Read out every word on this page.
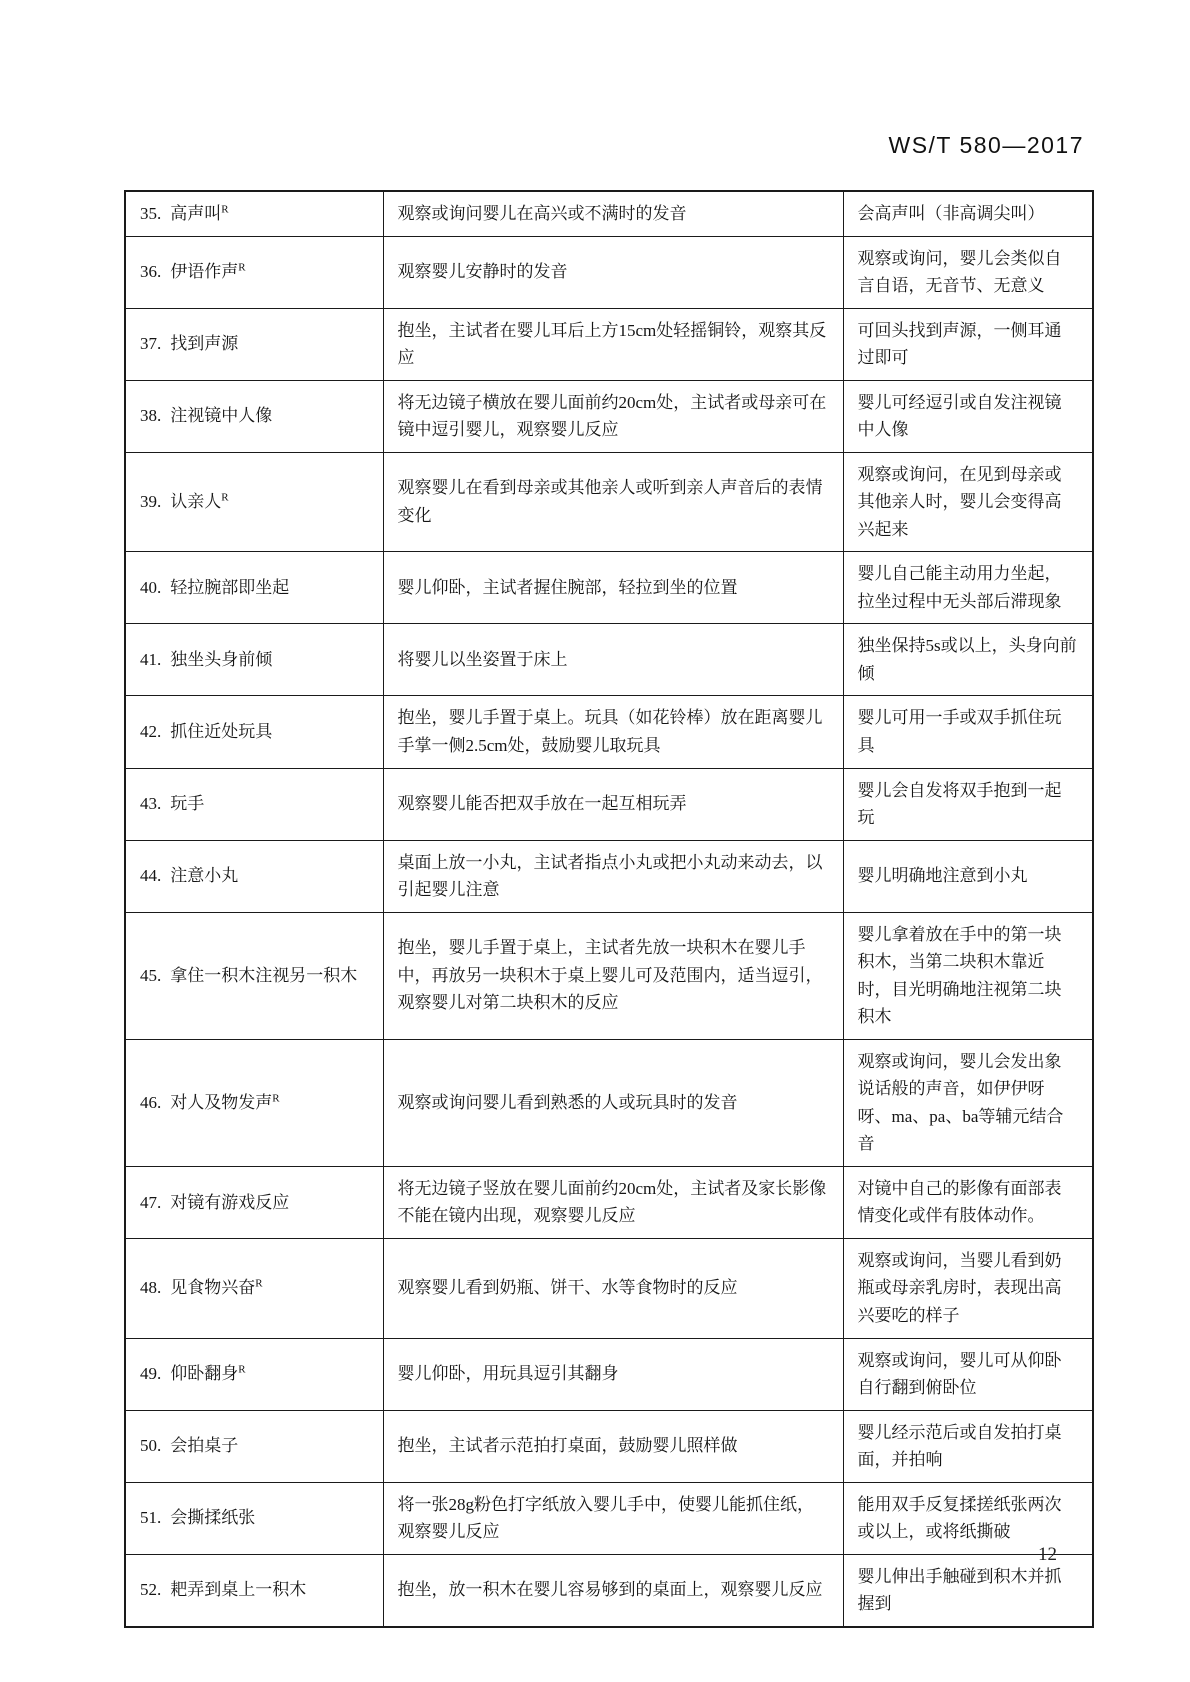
WS/T 580—2017
35. 高声叫$^R$	观察或询问婴儿在高兴或不满时的发音	会高声叫（非高调尖叫）
36. 伊语作声$^R$	观察婴儿安静时的发音	观察或询问，婴儿会类似自言自语，无音节、无意义
37. 找到声源	抱坐，主试者在婴儿耳后上方15cm处轻摇铜铃，观察其反应	可回头找到声源，一侧耳通过即可
38. 注视镜中人像	将无边镜子横放在婴儿面前约20cm处，主试者或母亲可在镜中逗引婴儿，观察婴儿反应	婴儿可经逗引或自发注视镜中人像
39. 认亲人$^R$	观察婴儿在看到母亲或其他亲人或听到亲人声音后的表情变化	观察或询问，在见到母亲或其他亲人时，婴儿会变得高兴起来
40. 轻拉腕部即坐起	婴儿仰卧，主试者握住腕部，轻拉到坐的位置	婴儿自己能主动用力坐起，拉坐过程中无头部后滞现象
41. 独坐头身前倾	将婴儿以坐姿置于床上	独坐保持5s或以上，头身向前倾
42. 抓住近处玩具	抱坐，婴儿手置于桌上。玩具（如花铃棒）放在距离婴儿手掌一侧2.5cm处，鼓励婴儿取玩具	婴儿可用一手或双手抓住玩具
43. 玩手	观察婴儿能否把双手放在一起互相玩弄	婴儿会自发将双手抱到一起玩
44. 注意小丸	桌面上放一小丸，主试者指点小丸或把小丸动来动去，以引起婴儿注意	婴儿明确地注意到小丸
45. 拿住一积木注视另一积木	抱坐，婴儿手置于桌上，主试者先放一块积木在婴儿手中，再放另一块积木于桌上婴儿可及范围内，适当逗引，观察婴儿对第二块积木的反应	婴儿拿着放在手中的第一块积木，当第二块积木靠近时，目光明确地注视第二块积木
46. 对人及物发声$^R$	观察或询问婴儿看到熟悉的人或玩具时的发音	观察或询问，婴儿会发出象说话般的声音，如伊伊呀呀、ma、pa、ba等辅元结合音
47. 对镜有游戏反应	将无边镜子竖放在婴儿面前约20cm处，主试者及家长影像不能在镜内出现，观察婴儿反应	对镜中自己的影像有面部表情变化或伴有肢体动作。
48. 见食物兴奋$^R$	观察婴儿看到奶瓶、饼干、水等食物时的反应	观察或询问，当婴儿看到奶瓶或母亲乳房时，表现出高兴要吃的样子
49. 仰卧翻身$^R$	婴儿仰卧，用玩具逗引其翻身	观察或询问，婴儿可从仰卧自行翻到俯卧位
50. 会拍桌子	抱坐，主试者示范拍打桌面，鼓励婴儿照样做	婴儿经示范后或自发拍打桌面，并拍响
51. 会撕揉纸张	将一张28g粉色打字纸放入婴儿手中，使婴儿能抓住纸，观察婴儿反应	能用双手反复揉搓纸张两次或以上，或将纸撕破
52. 耙弄到桌上一积木	抱坐，放一积木在婴儿容易够到的桌面上，观察婴儿反应	婴儿伸出手触碰到积木并抓握到
12
